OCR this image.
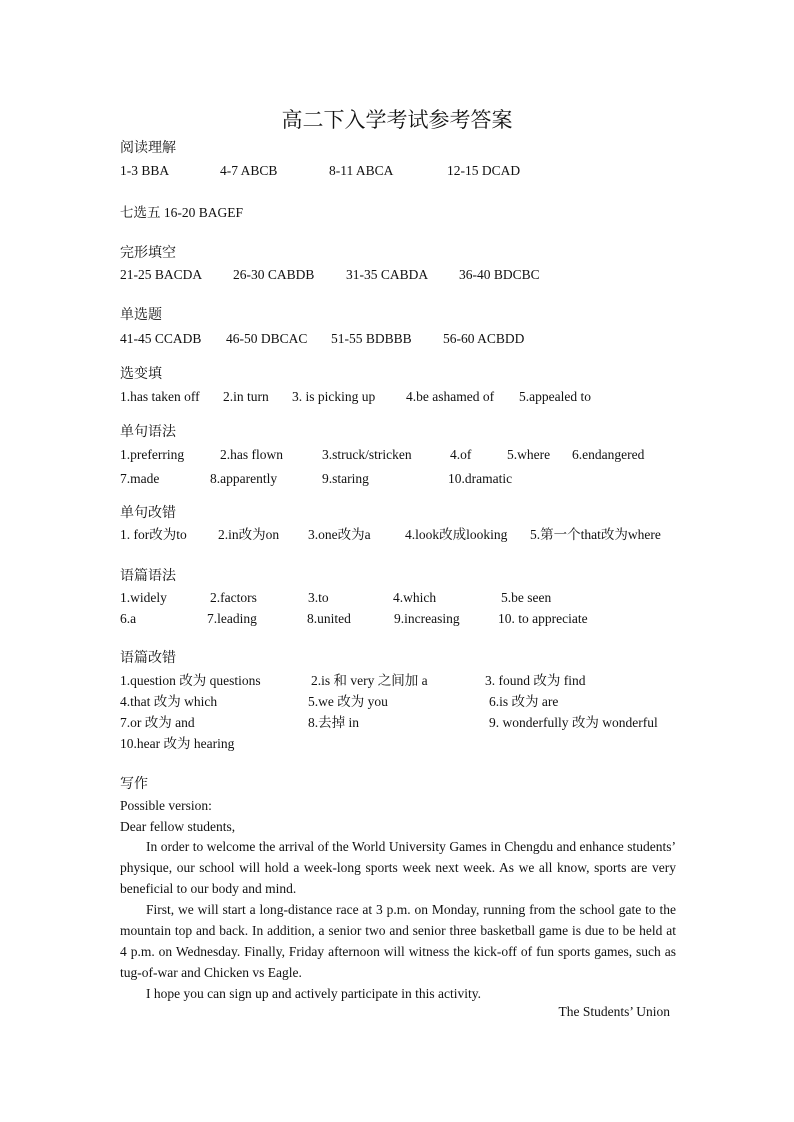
高二下入学考试参考答案
阅读理解
1-3 BBA	4-7 ABCB	8-11 ABCA	12-15 DCAD
七选五 16-20 BAGEF
完形填空
21-25 BACDA 26-30 CABDB 31-35 CABDA 36-40 BDCBC
单选题
41-45 CCADB 46-50 DBCAC 51-55 BDBBB 56-60 ACBDD
选变填
1.has taken off 2.in turn 3. is picking up 4.be ashamed of 5.appealed to
单句语法
1.preferring	2.has flown	3.struck/stricken	4.of	5.where 6.endangered
7.made	8.apparently	9.staring	10.dramatic
单句改错
1. for改为to 2.in改为on 3.one改为a	4.look改成looking 5.第一个that改为where
语篇语法
1.widely	2.factors	3.to	4.which	5.be seen
6.a	7.leading	8.united	9.increasing	10. to appreciate
语篇改错
1.question 改为 questions	2.is 和 very 之间加 a	3. found 改为 find
4.that 改为 which	5.we 改为 you	6.is 改为 are
7.or 改为 and	8.去掉 in	9. wonderfully 改为 wonderful
10.hear 改为 hearing
写作
Possible version:
Dear fellow students,
In order to welcome the arrival of the World University Games in Chengdu and enhance students’ physique, our school will hold a week-long sports week next week. As we all know, sports are very beneficial to our body and mind.
First, we will start a long-distance race at 3 p.m. on Monday, running from the school gate to the mountain top and back. In addition, a senior two and senior three basketball game is due to be held at 4 p.m. on Wednesday. Finally, Friday afternoon will witness the kick-off of fun sports games, such as tug-of-war and Chicken vs Eagle.
I hope you can sign up and actively participate in this activity.
The Students’ Union
